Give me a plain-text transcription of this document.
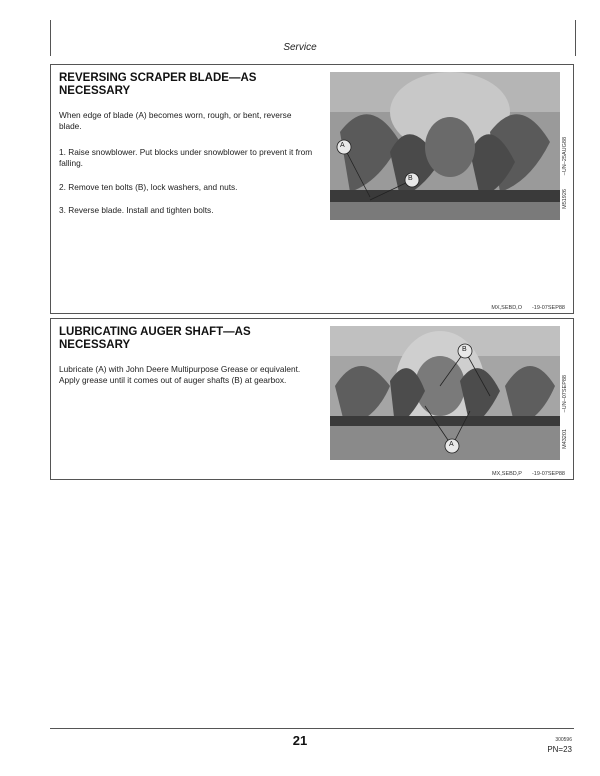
Service
REVERSING SCRAPER BLADE—AS NECESSARY

When edge of blade (A) becomes worn, rough, or bent, reverse blade.

1. Raise snowblower. Put blocks under snowblower to prevent it from falling.

2. Remove ten bolts (B), lock washers, and nuts.

3. Reverse blade. Install and tighten bolts.

A
B
–UN–25AUG88
M51926
MX,SEBD,O -19-07SEP88
LUBRICATING AUGER SHAFT—AS NECESSARY

Lubricate (A) with John Deere Multipurpose Grease or equivalent. Apply grease until it comes out of auger shafts (B) at gearbox.

B
A
–UN–07SEP88
M43201
MX,SEBD,P -19-07SEP88
21	300596
PN=23
